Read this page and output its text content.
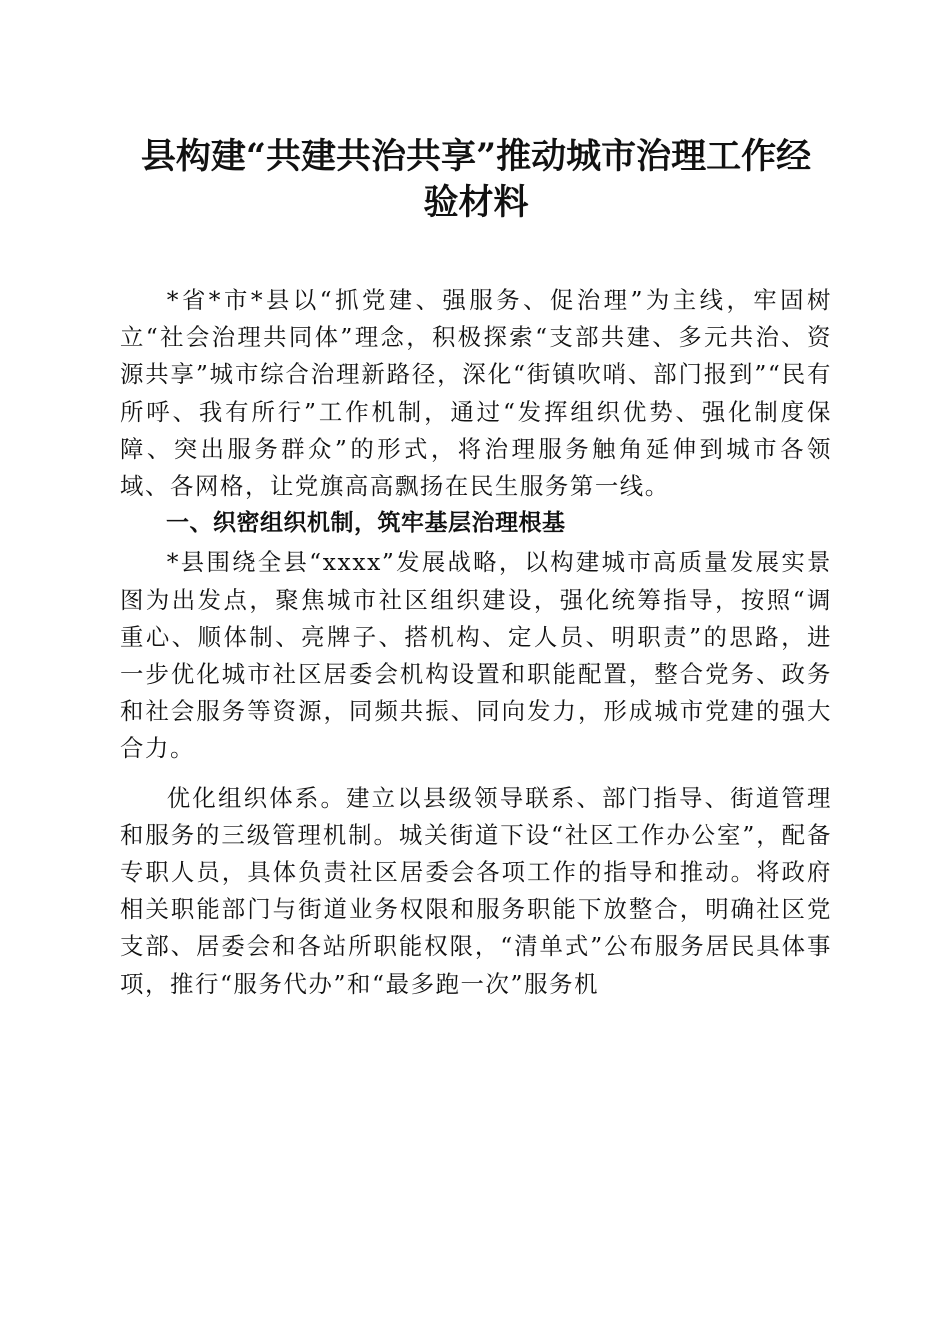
县构建“共建共治共享”推动城市治理工作经
验材料

*省*市*县以“抓党建、强服务、促治理”为主线，牢固树立“社会治理共同体”理念，积极探索“支部共建、多元共治、资源共享”城市综合治理新路径，深化“街镇吹哨、部门报到”“民有所呼、我有所行”工作机制，通过“发挥组织优势、强化制度保障、突出服务群众”的形式，将治理服务触角延伸到城市各领域、各网格，让党旗高高飘扬在民生服务第一线。

一、织密组织机制，筑牢基层治理根基

*县围绕全县“xxxx”发展战略，以构建城市高质量发展实景图为出发点，聚焦城市社区组织建设，强化统筹指导，按照“调重心、顺体制、亮牌子、搭机构、定人员、明职责”的思路，进一步优化城市社区居委会机构设置和职能配置，整合党务、政务和社会服务等资源，同频共振、同向发力，形成城市党建的强大合力。

优化组织体系。建立以县级领导联系、部门指导、街道管理和服务的三级管理机制。城关街道下设“社区工作办公室”，配备专职人员，具体负责社区居委会各项工作的指导和推动。将政府相关职能部门与街道业务权限和服务职能下放整合，明确社区党支部、居委会和各站所职能权限，“清单式”公布服务居民具体事项，推行“服务代办”和“最多跑一次”服务机
